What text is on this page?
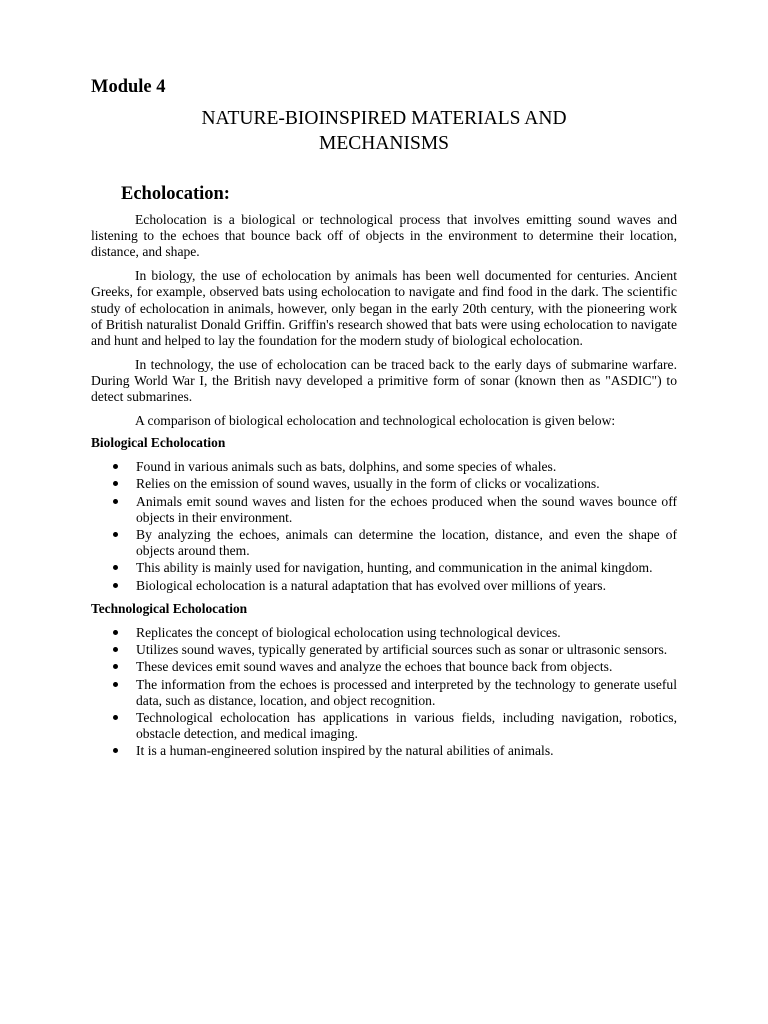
Module 4
NATURE-BIOINSPIRED MATERIALS AND
MECHANISMS
Echolocation:

Echolocation is a biological or technological process that involves emitting sound waves and listening to the echoes that bounce back off of objects in the environment to determine their location, distance, and shape.

In biology, the use of echolocation by animals has been well documented for centuries. Ancient Greeks, for example, observed bats using echolocation to navigate and find food in the dark. The scientific study of echolocation in animals, however, only began in the early 20th century, with the pioneering work of British naturalist Donald Griffin. Griffin's research showed that bats were using echolocation to navigate and hunt and helped to lay the foundation for the modern study of biological echolocation.

In technology, the use of echolocation can be traced back to the early days of submarine warfare. During World War I, the British navy developed a primitive form of sonar (known then as "ASDIC") to detect submarines.

A comparison of biological echolocation and technological echolocation is given below:

Biological Echolocation
Found in various animals such as bats, dolphins, and some species of whales.
Relies on the emission of sound waves, usually in the form of clicks or vocalizations.
Animals emit sound waves and listen for the echoes produced when the sound waves bounce off objects in their environment.
By analyzing the echoes, animals can determine the location, distance, and even the shape of objects around them.
This ability is mainly used for navigation, hunting, and communication in the animal kingdom.
Biological echolocation is a natural adaptation that has evolved over millions of years.
Technological Echolocation
Replicates the concept of biological echolocation using technological devices.
Utilizes sound waves, typically generated by artificial sources such as sonar or ultrasonic sensors.
These devices emit sound waves and analyze the echoes that bounce back from objects.
The information from the echoes is processed and interpreted by the technology to generate useful data, such as distance, location, and object recognition.
Technological echolocation has applications in various fields, including navigation, robotics, obstacle detection, and medical imaging.
It is a human-engineered solution inspired by the natural abilities of animals.
